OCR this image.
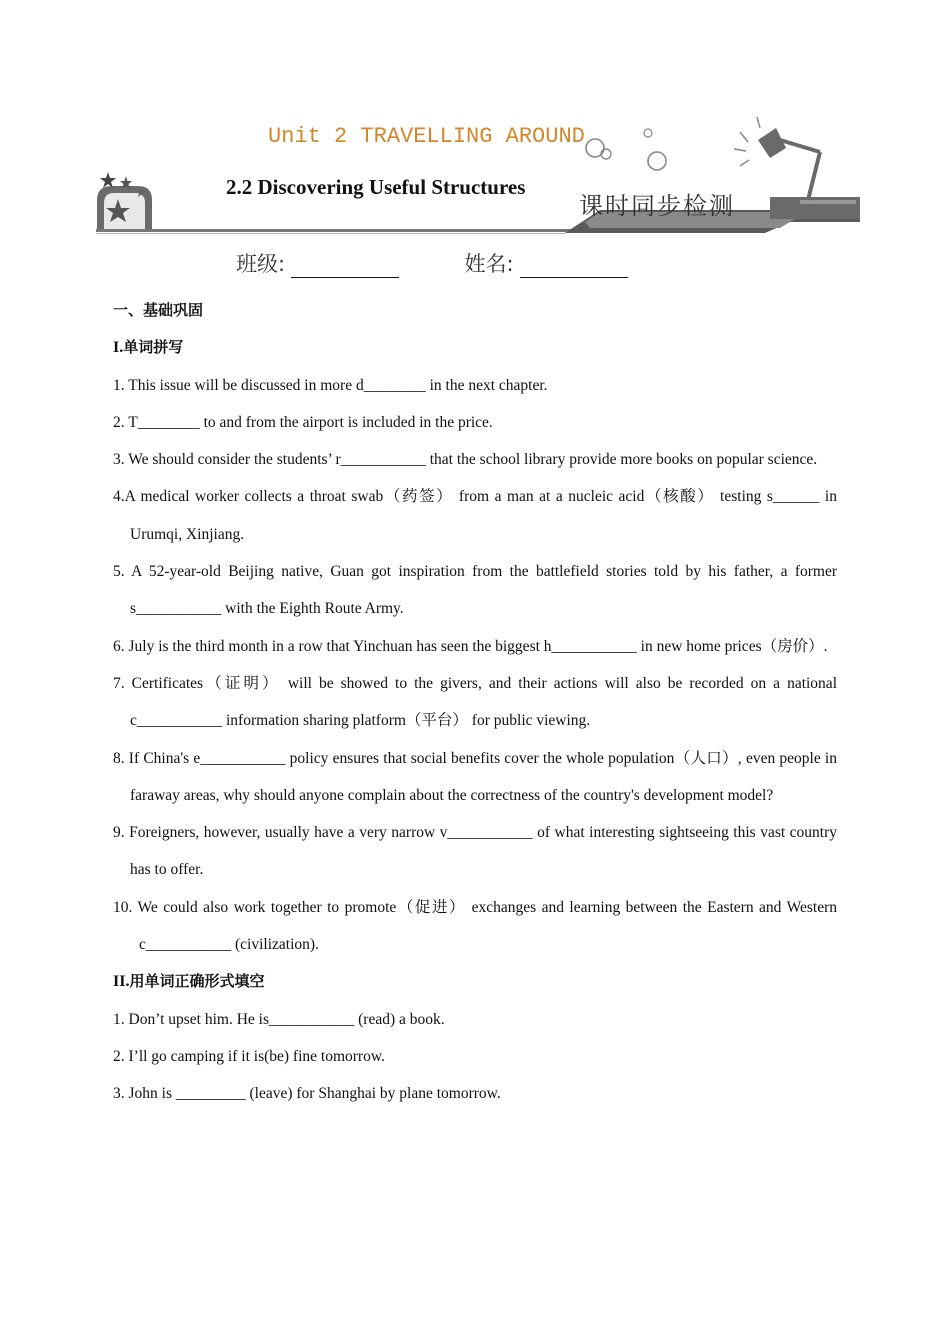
Unit 2 TRAVELLING AROUND
2.2 Discovering Useful Structures
课时同步检测
班级:	姓名:
一、基础巩固
I.单词拼写
1. This issue will be discussed in more d________ in the next chapter.
2. T________ to and from the airport is included in the price.
3. We should consider the students’ r___________ that the school library provide more books on popular science.
4.A medical worker collects a throat swab（药签） from a man at a nucleic acid（核酸） testing s______ in Urumqi, Xinjiang.
5. A 52-year-old Beijing native, Guan got inspiration from the battlefield stories told by his father, a former s___________ with the Eighth Route Army.
6. July is the third month in a row that Yinchuan has seen the biggest h___________ in new home prices（房价）.
7. Certificates（证明） will be showed to the givers, and their actions will also be recorded on a national c___________ information sharing platform（平台） for public viewing.
8. If China's e___________ policy ensures that social benefits cover the whole population（人口）, even people in faraway areas, why should anyone complain about the correctness of the country's development model?
9. Foreigners, however, usually have a very narrow v___________ of what interesting sightseeing this vast country has to offer.
10. We could also work together to promote（促进） exchanges and learning between the Eastern and Western c___________ (civilization).
II.用单词正确形式填空
1. Don’t upset him. He is___________ (read) a book.
2. I’ll go camping if it is(be) fine tomorrow.
3. John is _________ (leave) for Shanghai by plane tomorrow.
